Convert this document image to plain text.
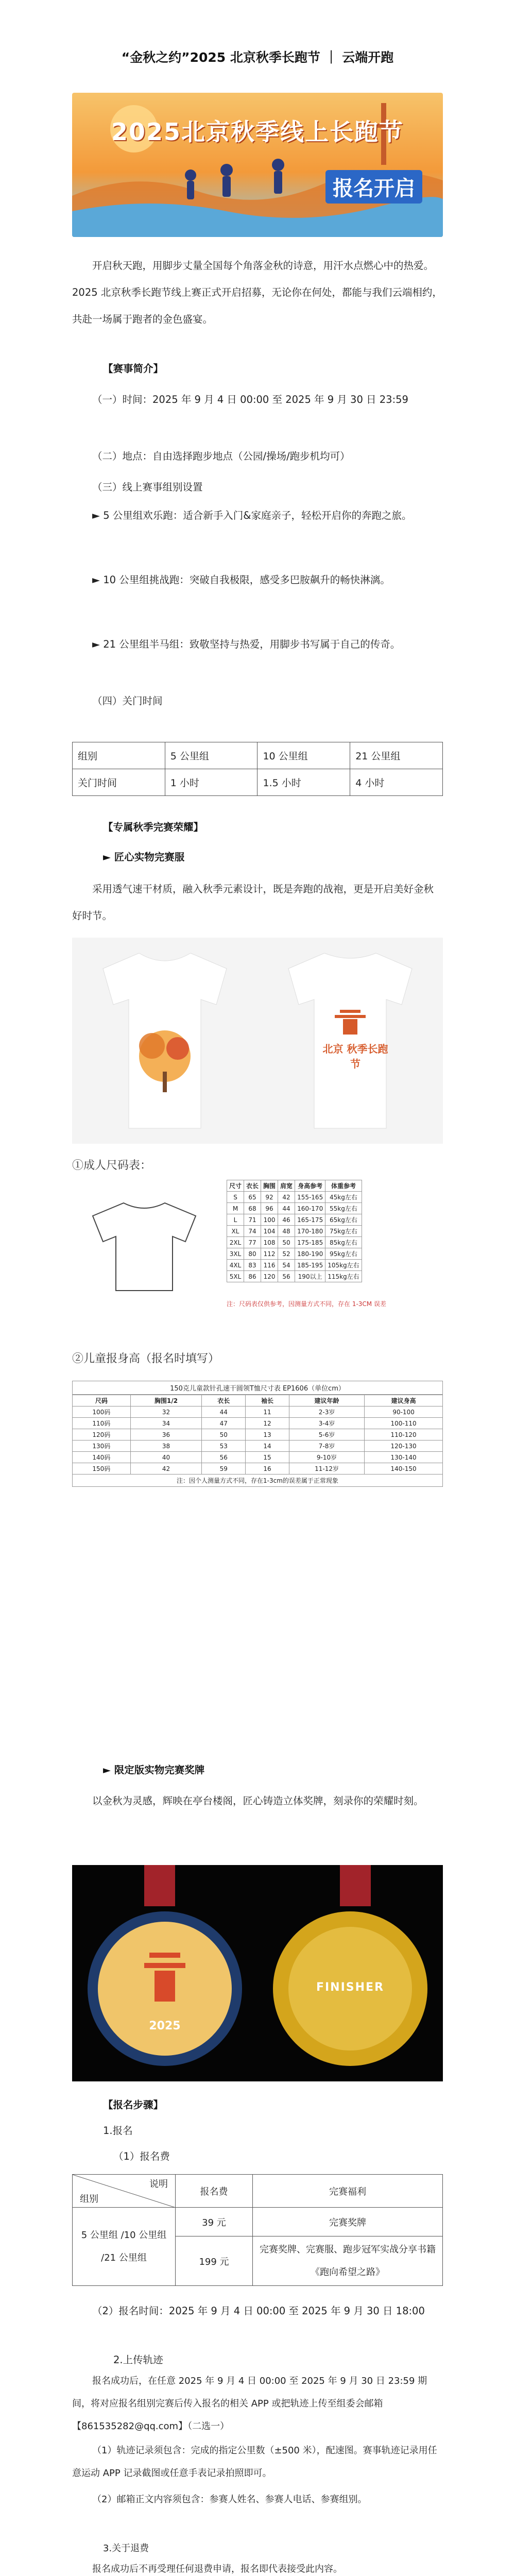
“金秋之约”2025 北京秋季长跑节 ｜ 云端开跑
2025北京秋季线上长跑节
报名开启
开启秋天跑，用脚步丈量全国每个角落金秋的诗意，用汗水点燃心中的热爱。2025 北京秋季长跑节线上赛正式开启招募，无论你在何处，都能与我们云端相约，共赴一场属于跑者的金色盛宴。
【赛事简介】
（一）时间：2025 年 9 月 4 日 00:00 至 2025 年 9 月 30 日 23:59
（二）地点：自由选择跑步地点（公园/操场/跑步机均可）
（三）线上赛事组别设置
► 5 公里组欢乐跑：适合新手入门&家庭亲子，轻松开启你的奔跑之旅。
► 10 公里组挑战跑：突破自我极限，感受多巴胺飙升的畅快淋漓。
► 21 公里组半马组：致敬坚持与热爱，用脚步书写属于自己的传奇。
（四）关门时间
组别	5 公里组	10 公里组	21 公里组
关门时间	1 小时	1.5 小时	4 小时
【专属秋季完赛荣耀】
► 匠心实物完赛服
采用透气速干材质，融入秋季元素设计，既是奔跑的战袍，更是开启美好金秋好时节。
北京 秋季长跑节
①成人尺码表：
尺寸	衣长	胸围	肩宽	身高参考	体重参考
S	65	92	42	155-165	45kg左右
M	68	96	44	160-170	55kg左右
L	71	100	46	165-175	65kg左右
XL	74	104	48	170-180	75kg左右
2XL	77	108	50	175-185	85kg左右
3XL	80	112	52	180-190	95kg左右
4XL	83	116	54	185-195	105kg左右
5XL	86	120	56	190以上	115kg左右
注：尺码表仅供参考，因测量方式不同，存在 1-3CM 误差
②儿童报身高（报名时填写）
150克儿童款针孔速干圆领T恤尺寸表 EP1606（单位cm）
尺码	胸围1/2	衣长	袖长	建议年龄	建议身高
100码	32	44	11	2-3岁	90-100
110码	34	47	12	3-4岁	100-110
120码	36	50	13	5-6岁	110-120
130码	38	53	14	7-8岁	120-130
140码	40	56	15	9-10岁	130-140
150码	42	59	16	11-12岁	140-150
注：因个人测量方式不同，存在1-3cm的误差属于正常现象
► 限定版实物完赛奖牌
以金秋为灵感，辉映在亭台楼阁，匠心铸造立体奖牌，刻录你的荣耀时刻。
2025
FINISHER
【报名步骤】
1.报名
（1）报名费
说明
组别	报名费	完赛福利
5 公里组 /10 公里组 /21 公里组	39 元	完赛奖牌
	199 元	完赛奖牌、完赛服、跑步冠军实战分享书籍《跑向希望之路》
（2）报名时间：2025 年 9 月 4 日 00:00 至 2025 年 9 月 30 日 18:00
2.上传轨迹
报名成功后，在任意 2025 年 9 月 4 日 00:00 至 2025 年 9 月 30 日 23:59 期间，将对应报名组别完赛后传入报名的相关 APP 或把轨迹上传至组委会邮箱【861535282@qq.com】（二选一）
（1）轨迹记录须包含：完成的指定公里数（±500 米），配速图。赛事轨迹记录用任意运动 APP 记录截图或任意手表记录拍照即可。
（2）邮箱正文内容须包含：参赛人姓名、参赛人电话、参赛组别。
3.关于退费
报名成功后不再受理任何退费申请，报名即代表接受此内容。
